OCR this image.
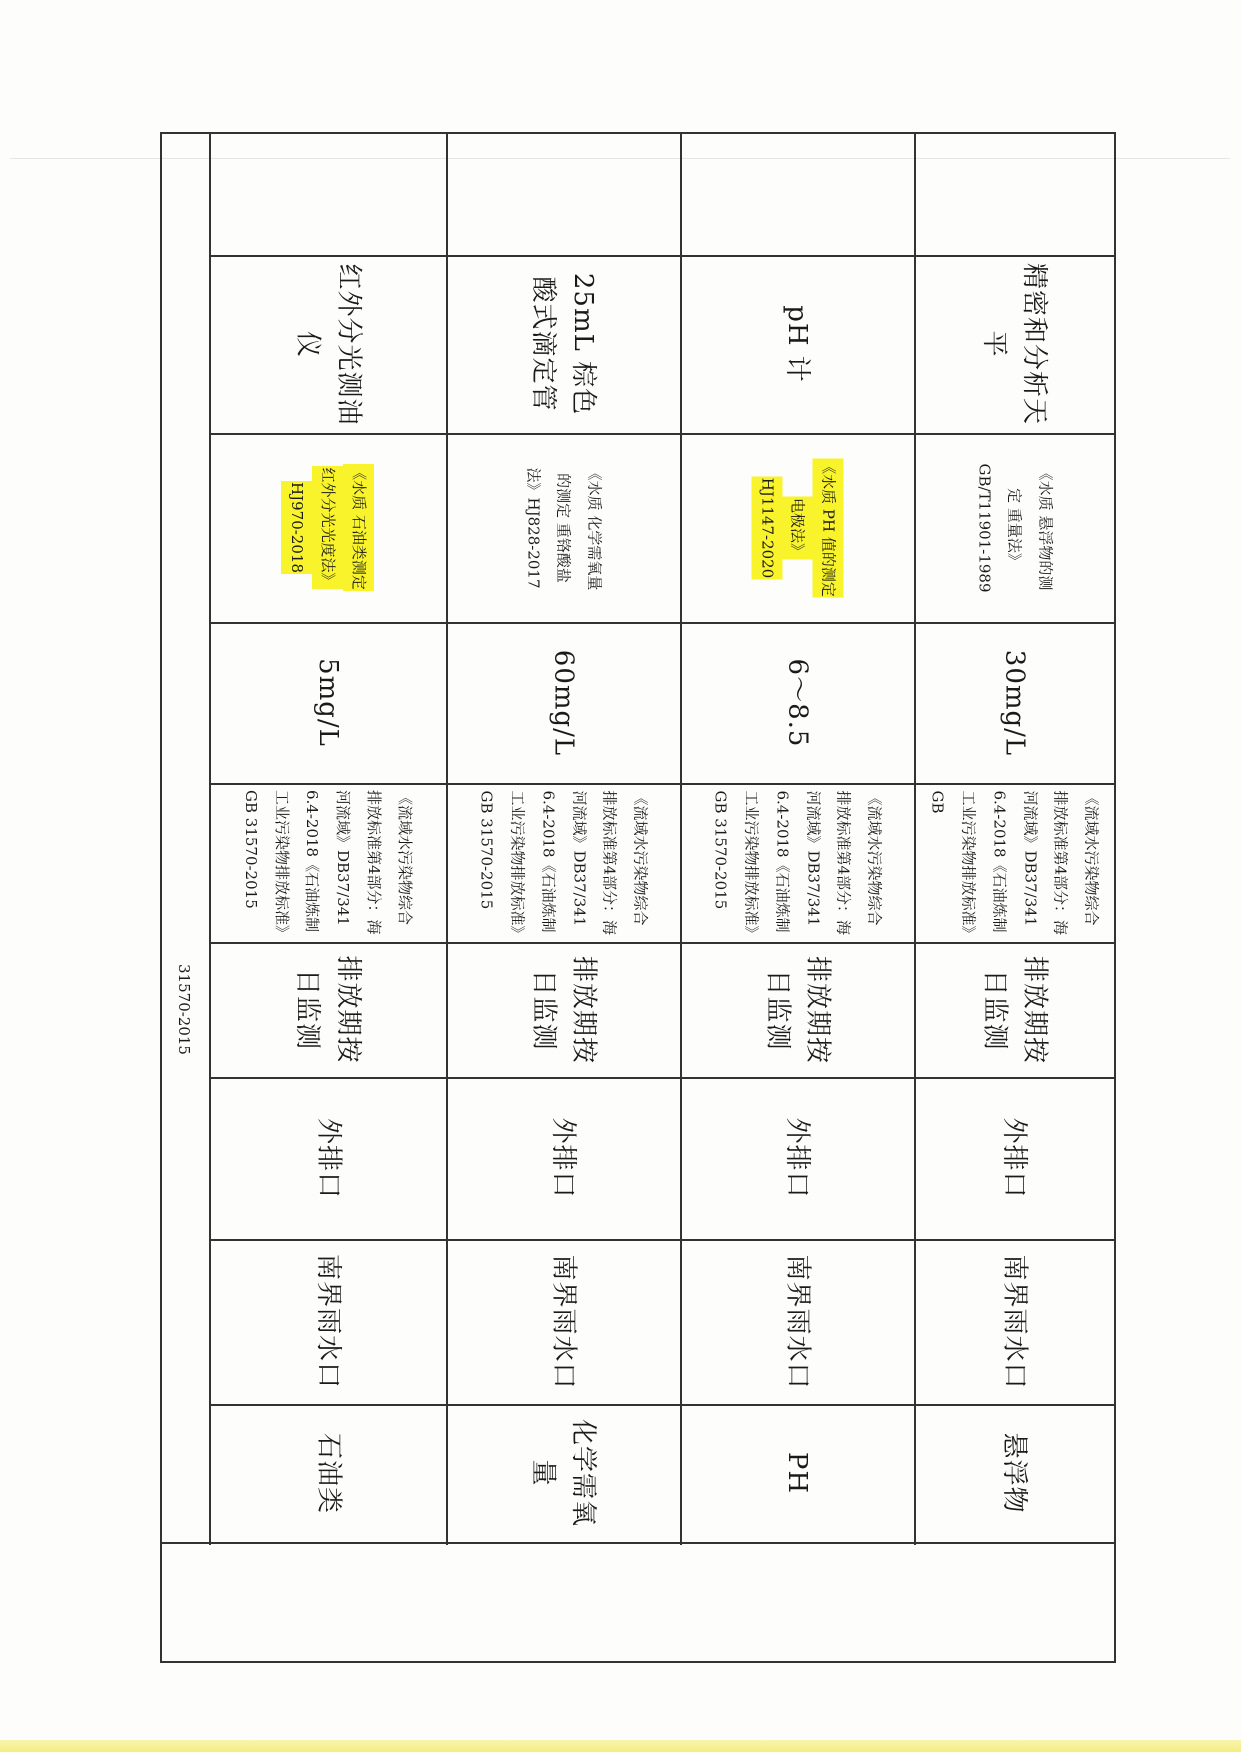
31570-2015
石油类
南界雨水口
外排口
排放期按日监测
《流域水污染物综合排放标准第4部分：海河流域》DB37/3416.4-2018《石油炼制工业污染物排放标准》GB 31570-2015
5mg/L
《水质 石油类测定
红外分光光度法》
HJ970-2018
红外分光测油仪
化学需氧量
南界雨水口
外排口
排放期按日监测
《流域水污染物综合排放标准第4部分：海河流域》DB37/3416.4-2018《石油炼制工业污染物排放标准》GB 31570-2015
60mg/L
《水质 化学需氧量
的测定 重铬酸盐
法》HJ828-2017
25mL 棕色酸式滴定管
PH
南界雨水口
外排口
排放期按日监测
《流域水污染物综合排放标准第4部分：海河流域》DB37/3416.4-2018《石油炼制工业污染物排放标准》GB 31570-2015
6～8.5
《水质 PH 值的测定
电极法》
HJ1147-2020
pH 计
悬浮物
南界雨水口
外排口
排放期按日监测
《流域水污染物综合排放标准第4部分：海河流域》DB37/3416.4-2018《石油炼制工业污染物排放标准》GB
30mg/L
《水质 悬浮物的测
定 重量法》
GB/T11901-1989
精密和分析天平
